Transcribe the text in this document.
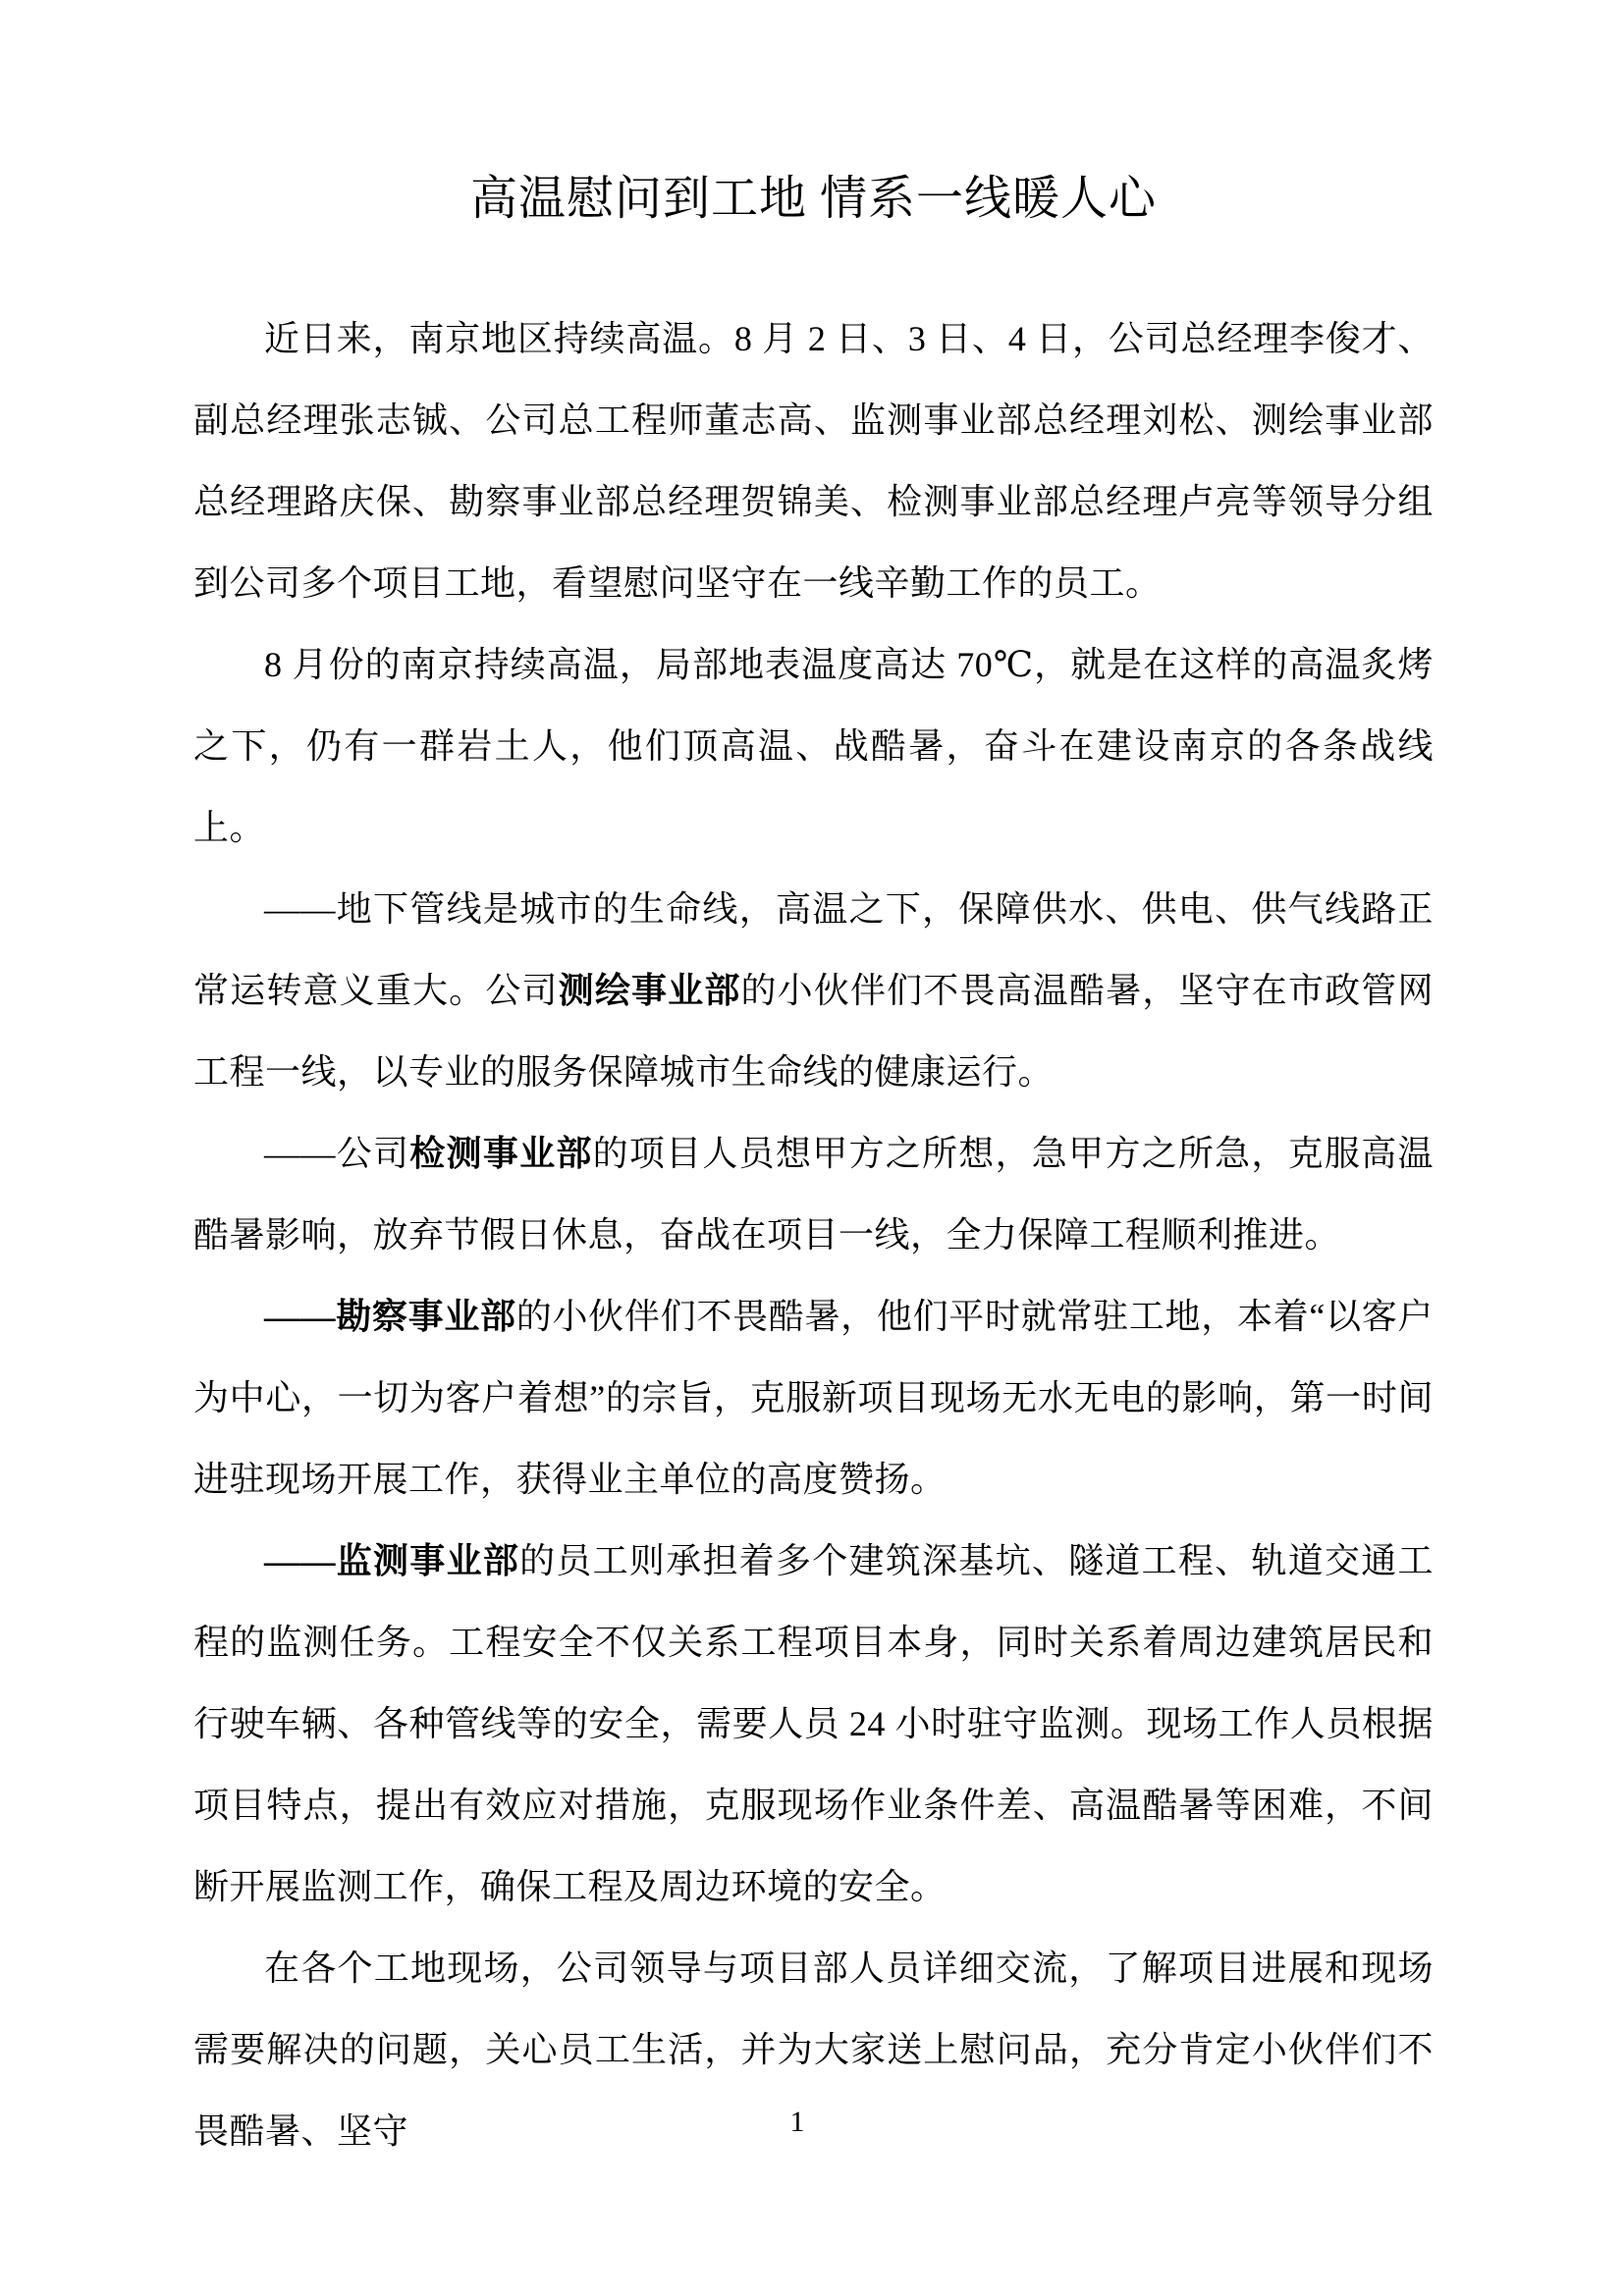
高温慰问到工地 情系一线暖人心

近日来，南京地区持续高温。8 月 2 日、3 日、4 日，公司总经理李俊才、副总经理张志铖、公司总工程师董志高、监测事业部总经理刘松、测绘事业部总经理路庆保、勘察事业部总经理贺锦美、检测事业部总经理卢亮等领导分组到公司多个项目工地，看望慰问坚守在一线辛勤工作的员工。

8 月份的南京持续高温，局部地表温度高达 70℃，就是在这样的高温炙烤之下，仍有一群岩土人，他们顶高温、战酷暑，奋斗在建设南京的各条战线上。

——地下管线是城市的生命线，高温之下，保障供水、供电、供气线路正常运转意义重大。公司测绘事业部的小伙伴们不畏高温酷暑，坚守在市政管网工程一线，以专业的服务保障城市生命线的健康运行。

——公司检测事业部的项目人员想甲方之所想，急甲方之所急，克服高温酷暑影响，放弃节假日休息，奋战在项目一线，全力保障工程顺利推进。

——勘察事业部的小伙伴们不畏酷暑，他们平时就常驻工地，本着“以客户为中心，一切为客户着想”的宗旨，克服新项目现场无水无电的影响，第一时间进驻现场开展工作，获得业主单位的高度赞扬。

——监测事业部的员工则承担着多个建筑深基坑、隧道工程、轨道交通工程的监测任务。工程安全不仅关系工程项目本身，同时关系着周边建筑居民和行驶车辆、各种管线等的安全，需要人员 24 小时驻守监测。现场工作人员根据项目特点，提出有效应对措施，克服现场作业条件差、高温酷暑等困难，不间断开展监测工作，确保工程及周边环境的安全。

在各个工地现场，公司领导与项目部人员详细交流，了解项目进展和现场需要解决的问题，关心员工生活，并为大家送上慰问品，充分肯定小伙伴们不畏酷暑、坚守	1
